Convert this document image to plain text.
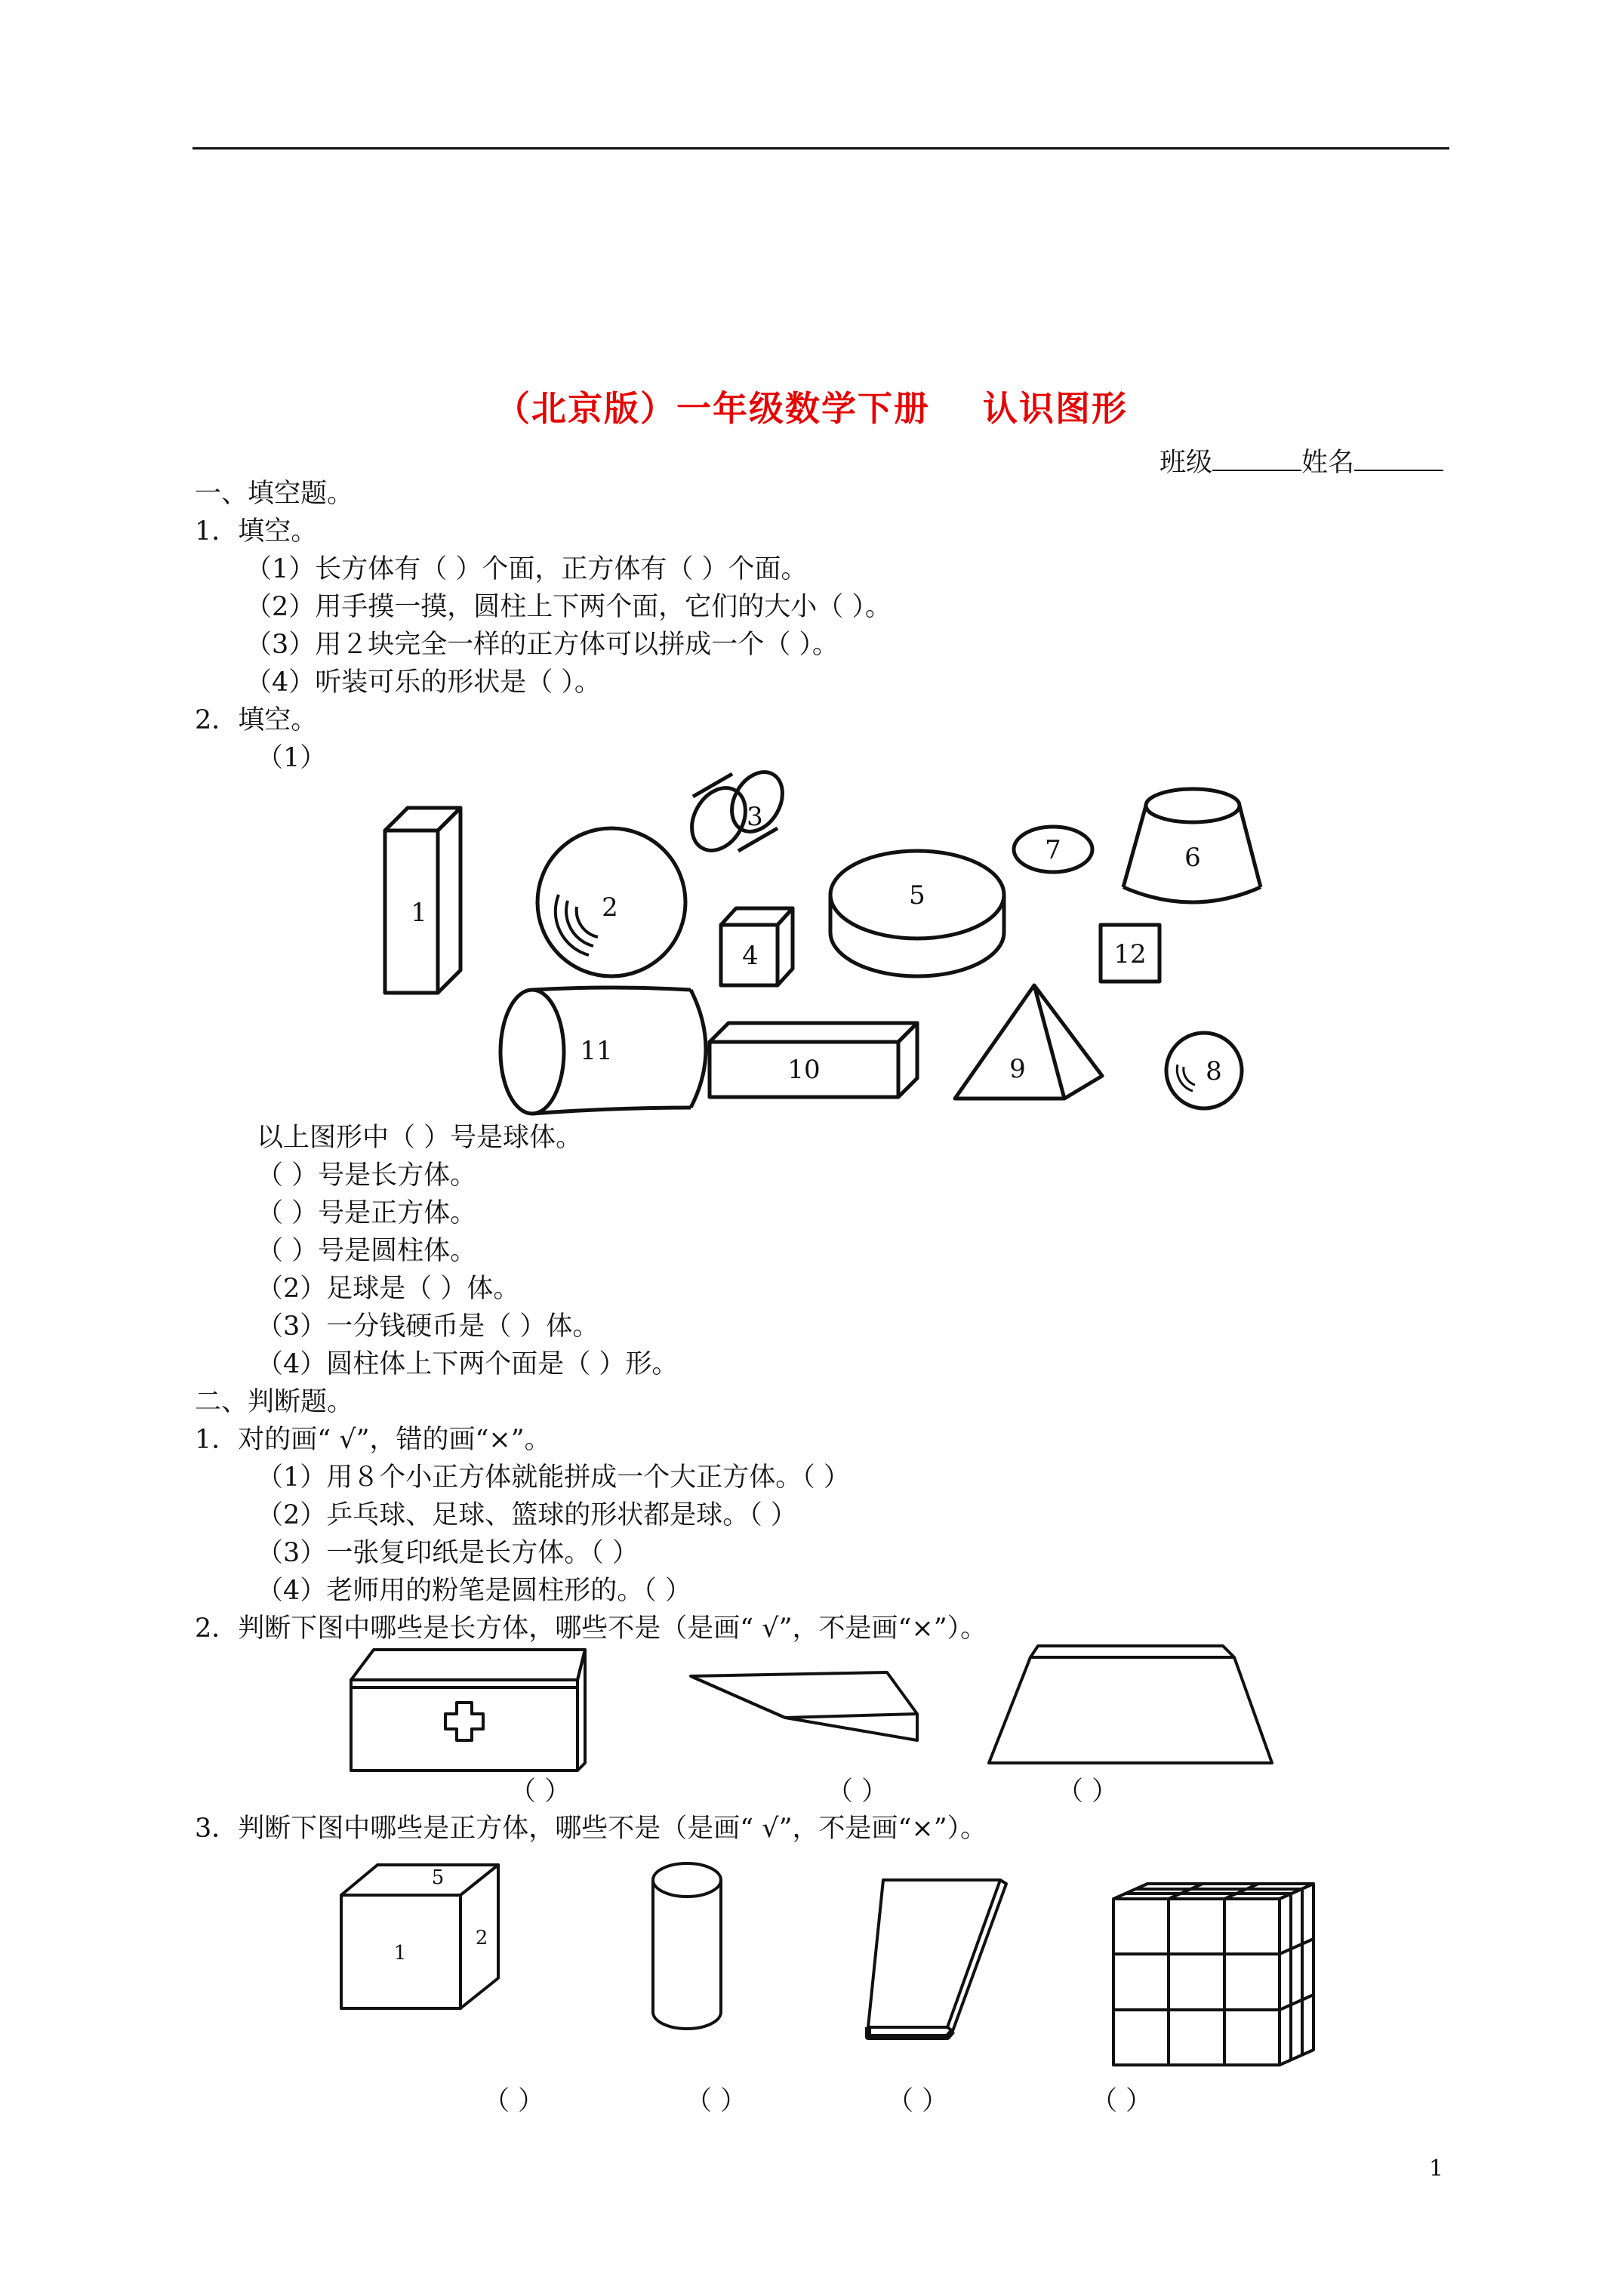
（北京版）一年级数学下册 认识图形
班级	姓名
一、填空题。
1．填空。
（1）长方体有（ ）个面，正方体有（ ）个面。
（2）用手摸一摸，圆柱上下两个面，它们的大小（ ）。
（3）用２块完全一样的正方体可以拼成一个（ ）。
（4）听装可乐的形状是（ ）。
2．填空。
（1）
1	2
3
4
5
6
7
8
9
10
11
12
以上图形中（ ）号是球体。
（ ）号是长方体。
（ ）号是正方体。
（ ）号是圆柱体。
（2）足球是（ ）体。
（3）一分钱硬币是（ ）体。
（4）圆柱体上下两个面是（ ）形。
二、判断题。
1．对的画“ √”，错的画“×”。
（1）用８个小正方体就能拼成一个大正方体。（ ）
（2）乒乓球、足球、篮球的形状都是球。（ ）
（3）一张复印纸是长方体。（ ）
（4）老师用的粉笔是圆柱形的。（ ）
2．判断下图中哪些是长方体，哪些不是（是画“ √”，不是画“×”）。
（ ）	（ ）	（ ）
3．判断下图中哪些是正方体，哪些不是（是画“ √”，不是画“×”）。
5
1
2
（ ）	（ ）	（ ）	（ ）
1
